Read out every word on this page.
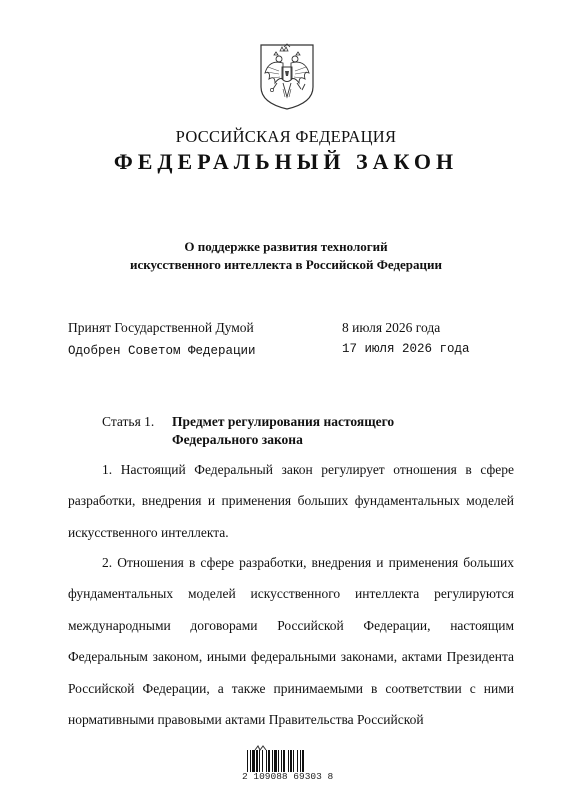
РОССИЙСКАЯ ФЕДЕРАЦИЯ
ФЕДЕРАЛЬНЫЙ ЗАКОН
О поддержке развития технологий
искусственного интеллекта в Российской Федерации
Принят Государственной Думой	8 июля 2026 года
Одобрен Советом Федерации	17 июля 2026 года
Статья 1. Предмет регулирования настоящего
Федерального закона
1. Настоящий Федеральный закон регулирует отношения в сфере разработки, внедрения и применения больших фундаментальных моделей искусственного интеллекта.
2. Отношения в сфере разработки, внедрения и применения больших фундаментальных моделей искусственного интеллекта регулируются международными договорами Российской Федерации, настоящим Федеральным законом, иными федеральными законами, актами Президента Российской Федерации, а также принимаемыми в соответствии с ними нормативными правовыми актами Правительства Российской
2 109088 69303 8
